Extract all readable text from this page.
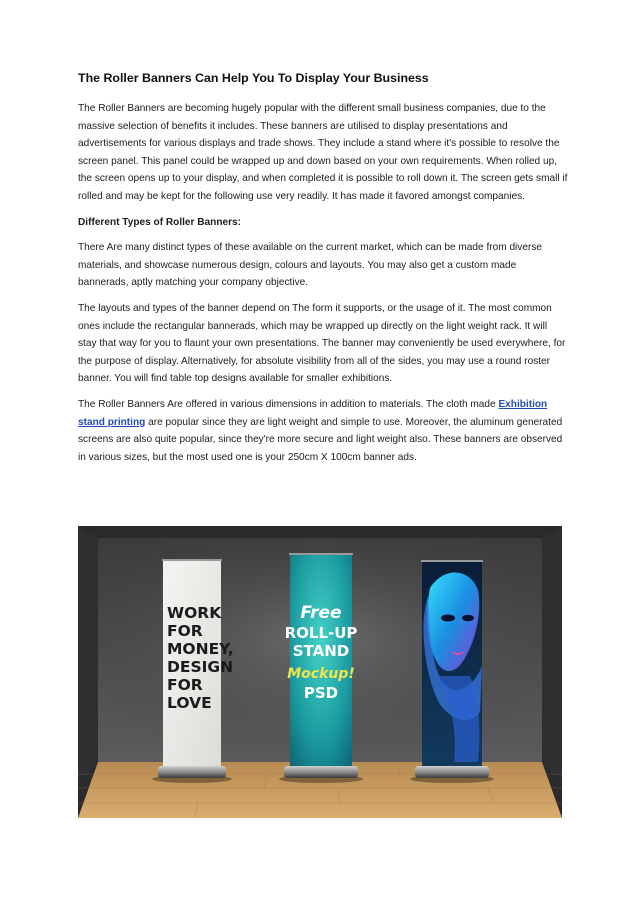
The Roller Banners Can Help You To Display Your Business

The Roller Banners are becoming hugely popular with the different small business companies, due to the massive selection of benefits it includes. These banners are utilised to display presentations and advertisements for various displays and trade shows. They include a stand where it's possible to resolve the screen panel. This panel could be wrapped up and down based on your own requirements. When rolled up, the screen opens up to your display, and when completed it is possible to roll down it. The screen gets small if rolled and may be kept for the following use very readily. It has made it favored amongst companies.

Different Types of Roller Banners:

There Are many distinct types of these available on the current market, which can be made from diverse materials, and showcase numerous design, colours and layouts. You may also get a custom made bannerads, aptly matching your company objective.

The layouts and types of the banner depend on The form it supports, or the usage of it. The most common ones include the rectangular bannerads, which may be wrapped up directly on the light weight rack. It will stay that way for you to flaunt your own presentations. The banner may conveniently be used everywhere, for the purpose of display. Alternatively, for absolute visibility from all of the sides, you may use a round roster banner. You will find table top designs available for smaller exhibitions.

The Roller Banners Are offered in various dimensions in addition to materials. The cloth made Exhibition stand printing are popular since they are light weight and simple to use. Moreover, the aluminum generated screens are also quite popular, since they're more secure and light weight also. These banners are observed in various sizes, but the most used one is your 250cm X 100cm banner ads.

WORK
FOR
MONEY,
DESIGN
FOR
LOVE
Free
ROLL-UP
STAND
Mockup!
PSD
